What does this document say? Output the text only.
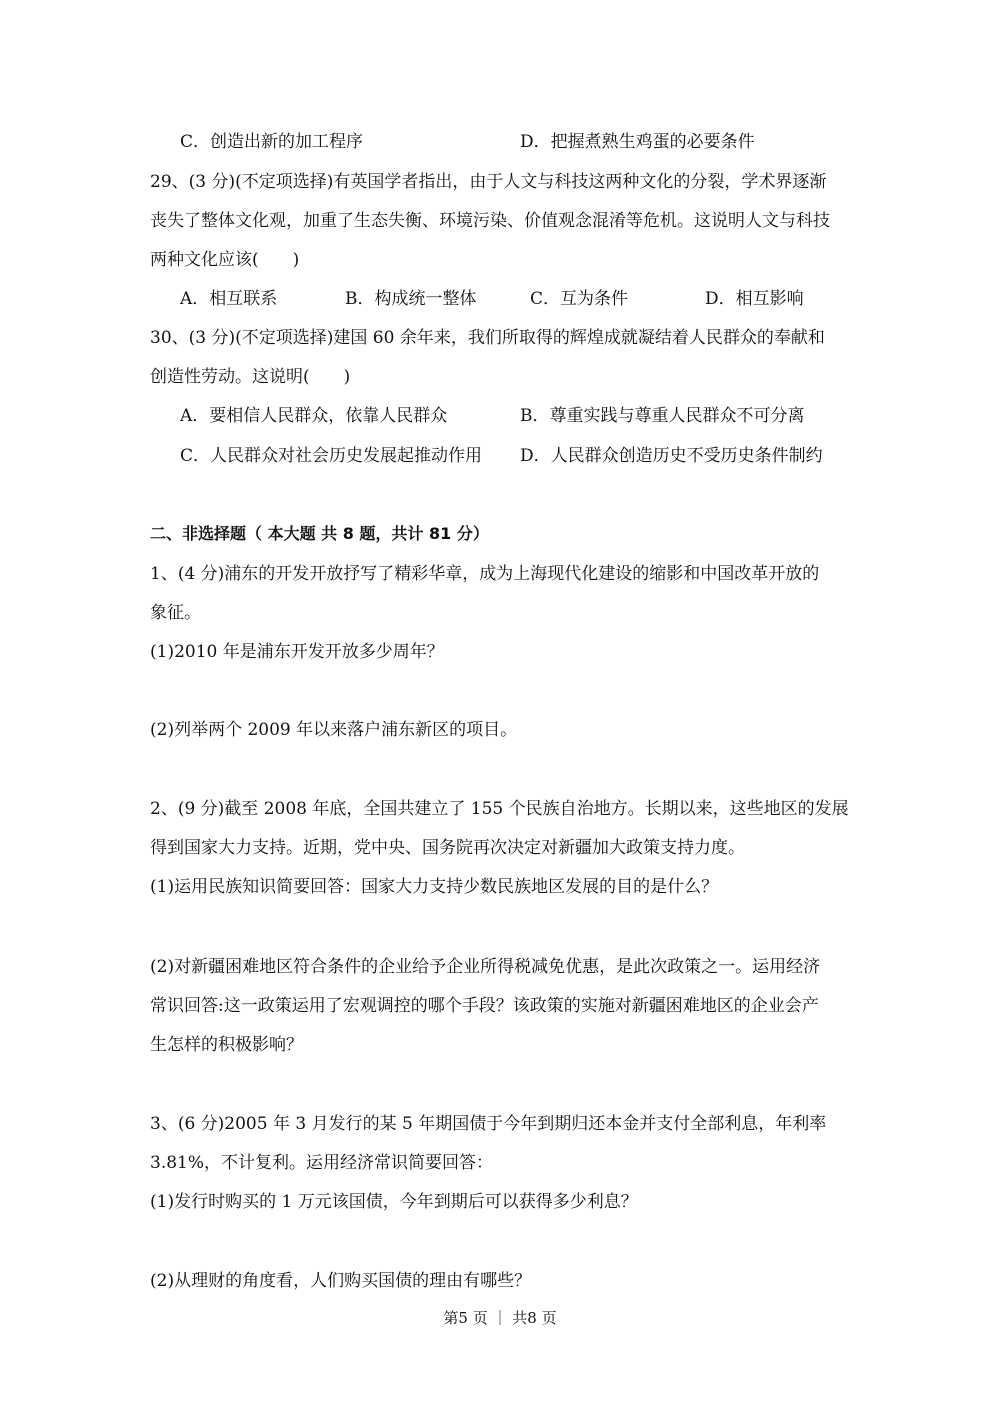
C．创造出新的加工程序	D．把握煮熟生鸡蛋的必要条件
29、(3 分)(不定项选择)有英国学者指出，由于人文与科技这两种文化的分裂，学术界逐渐
丧失了整体文化观，加重了生态失衡、环境污染、价值观念混淆等危机。这说明人文与科技
两种文化应该(　　)
A．相互联系	B．构成统一整体	C．互为条件	D．相互影响
30、(3 分)(不定项选择)建国 60 余年来，我们所取得的辉煌成就凝结着人民群众的奉献和
创造性劳动。这说明(　　)
A．要相信人民群众，依靠人民群众	B．尊重实践与尊重人民群众不可分离
C．人民群众对社会历史发展起推动作用 D．人民群众创造历史不受历史条件制约
二、非选择题（ 本大题 共 8 题，共计 81 分）
1、(4 分)浦东的开发开放抒写了精彩华章，成为上海现代化建设的缩影和中国改革开放的
象征。
(1)2010 年是浦东开发开放多少周年？
(2)列举两个 2009 年以来落户浦东新区的项目。
2、(9 分)截至 2008 年底，全国共建立了 155 个民族自治地方。长期以来，这些地区的发展
得到国家大力支持。近期，党中央、国务院再次决定对新疆加大政策支持力度。
(1)运用民族知识简要回答：国家大力支持少数民族地区发展的目的是什么？
(2)对新疆困难地区符合条件的企业给予企业所得税减免优惠，是此次政策之一。运用经济
常识回答:这一政策运用了宏观调控的哪个手段？该政策的实施对新疆困难地区的企业会产
生怎样的积极影响？
3、(6 分)2005 年 3 月发行的某 5 年期国债于今年到期归还本金并支付全部利息，年利率
3.81%，不计复利。运用经济常识简要回答：
(1)发行时购买的 1 万元该国债，今年到期后可以获得多少利息？
(2)从理财的角度看，人们购买国债的理由有哪些？
第5 页 ｜ 共8 页
